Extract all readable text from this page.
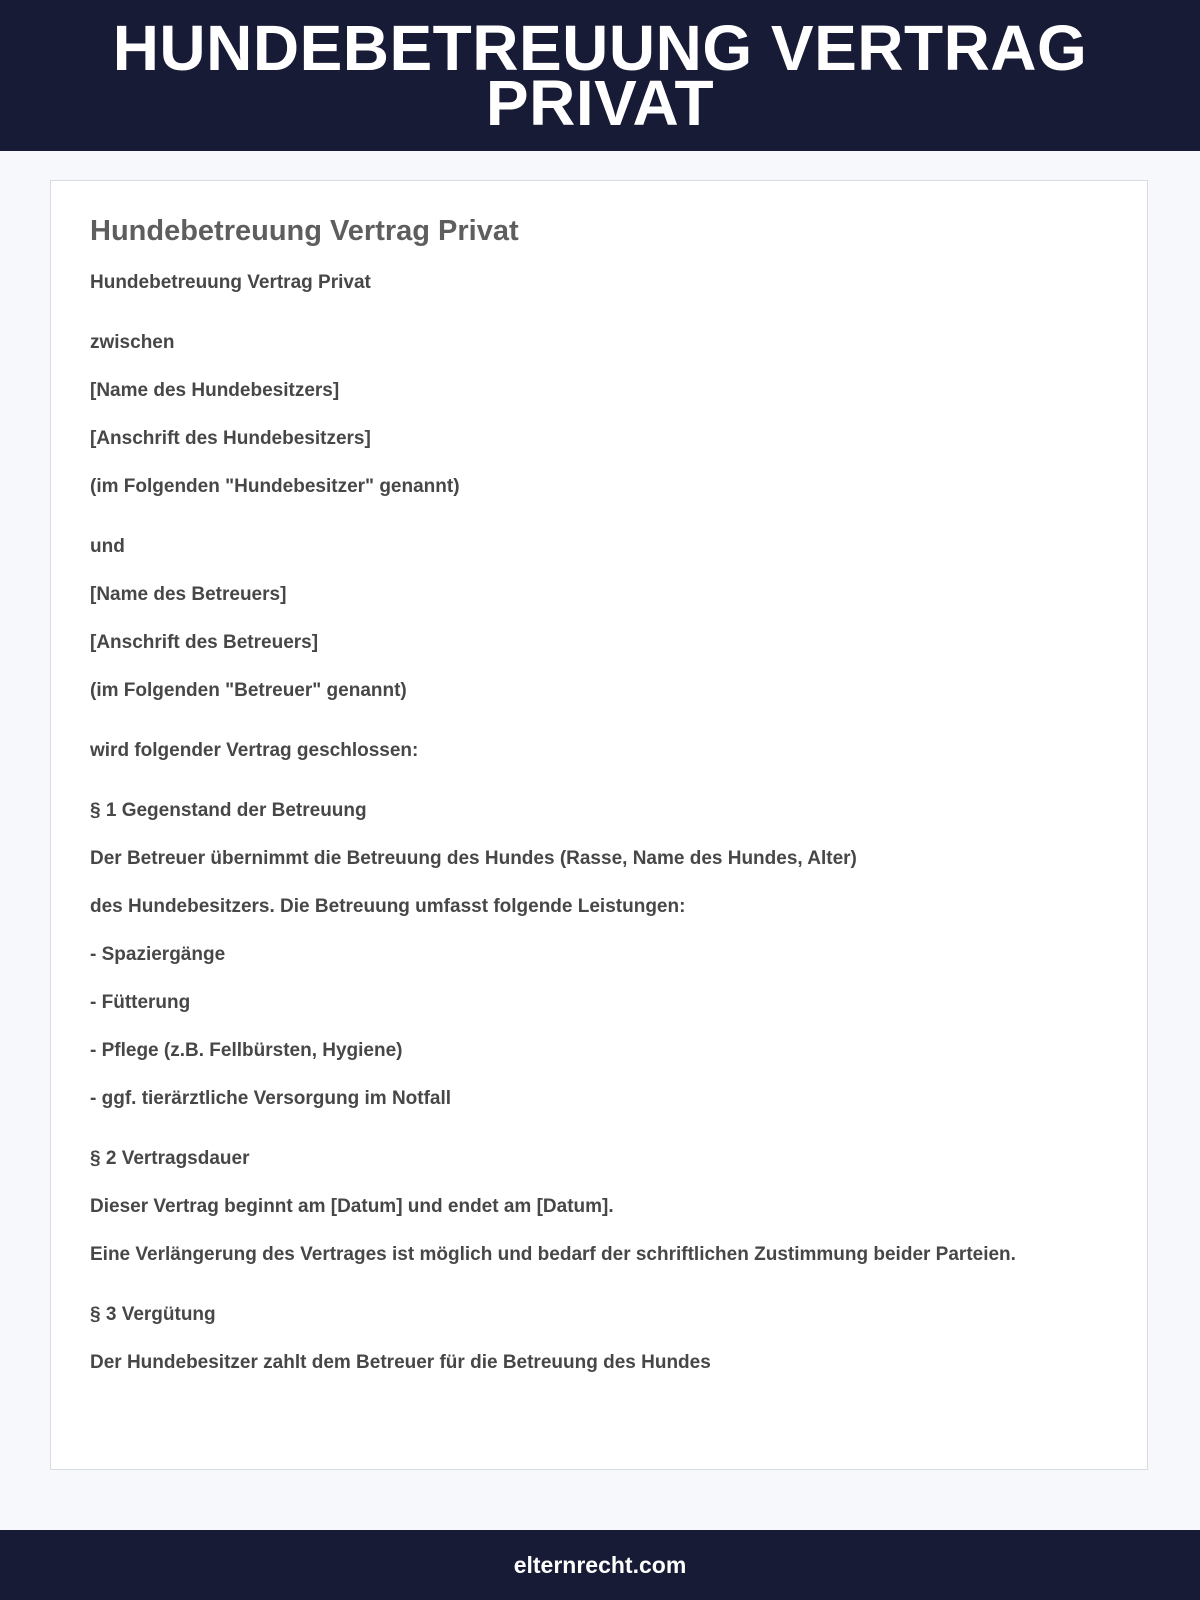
HUNDEBETREUUNG VERTRAG PRIVAT
Hundebetreuung Vertrag Privat
Hundebetreuung Vertrag Privat
zwischen
[Name des Hundebesitzers]
[Anschrift des Hundebesitzers]
(im Folgenden "Hundebesitzer" genannt)
und
[Name des Betreuers]
[Anschrift des Betreuers]
(im Folgenden "Betreuer" genannt)
wird folgender Vertrag geschlossen:
§ 1 Gegenstand der Betreuung
Der Betreuer übernimmt die Betreuung des Hundes (Rasse, Name des Hundes, Alter)
des Hundebesitzers. Die Betreuung umfasst folgende Leistungen:
- Spaziergänge
- Fütterung
- Pflege (z.B. Fellbürsten, Hygiene)
- ggf. tierärztliche Versorgung im Notfall
§ 2 Vertragsdauer
Dieser Vertrag beginnt am [Datum] und endet am [Datum].
Eine Verlängerung des Vertrages ist möglich und bedarf der schriftlichen Zustimmung beider Parteien.
§ 3 Vergütung
Der Hundebesitzer zahlt dem Betreuer für die Betreuung des Hundes
elternrecht.com
